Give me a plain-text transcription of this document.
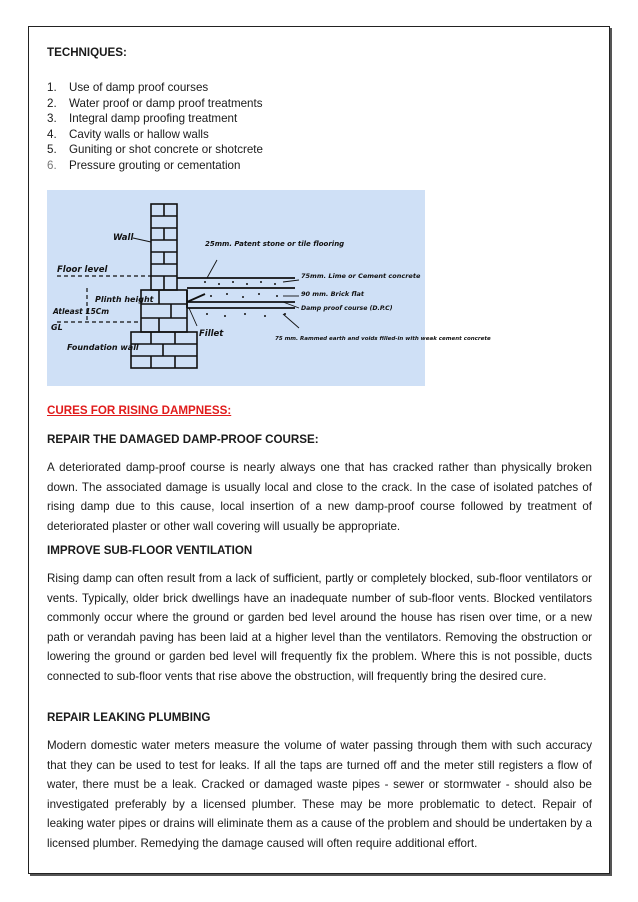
TECHNIQUES:
1.	Use of damp proof courses
2.	Water proof or damp proof treatments
3.	Integral damp proofing treatment
4.	Cavity walls or hallow walls
5.	Guniting or shot concrete or shotcrete
6.	Pressure grouting or cementation
Wall
Floor level
Plinth height
Atleast 15Cm
GL
Foundation wall
Fillet
25mm. Patent stone or tile flooring
75mm. Lime or Cement concrete
90 mm. Brick flat
Damp proof course (D.P.C)
75 mm. Rammed earth and voids filled-in with weak cement concrete
CURES FOR RISING DAMPNESS:
REPAIR THE DAMAGED DAMP-PROOF COURSE:

A deteriorated damp-proof course is nearly always one that has cracked rather than physically broken down. The associated damage is usually local and close to the crack. In the case of isolated patches of rising damp due to this cause, local insertion of a new damp-proof course followed by treatment of deteriorated plaster or other wall covering will usually be appropriate.

IMPROVE SUB-FLOOR VENTILATION

Rising damp can often result from a lack of sufficient, partly or completely blocked, sub-floor ventilators or vents. Typically, older brick dwellings have an inadequate number of sub-floor vents. Blocked ventilators commonly occur where the ground or garden bed level around the house has risen over time, or a new path or verandah paving has been laid at a higher level than the ventilators. Removing the obstruction or lowering the ground or garden bed level will frequently fix the problem. Where this is not possible, ducts connected to sub-floor vents that rise above the obstruction, will frequently bring the desired cure.

REPAIR LEAKING PLUMBING

Modern domestic water meters measure the volume of water passing through them with such accuracy that they can be used to test for leaks. If all the taps are turned off and the meter still registers a flow of water, there must be a leak. Cracked or damaged waste pipes - sewer or stormwater - should also be investigated preferably by a licensed plumber. These may be more problematic to detect. Repair of leaking water pipes or drains will eliminate them as a cause of the problem and should be undertaken by a licensed plumber. Remedying the damage caused will often require additional effort.
